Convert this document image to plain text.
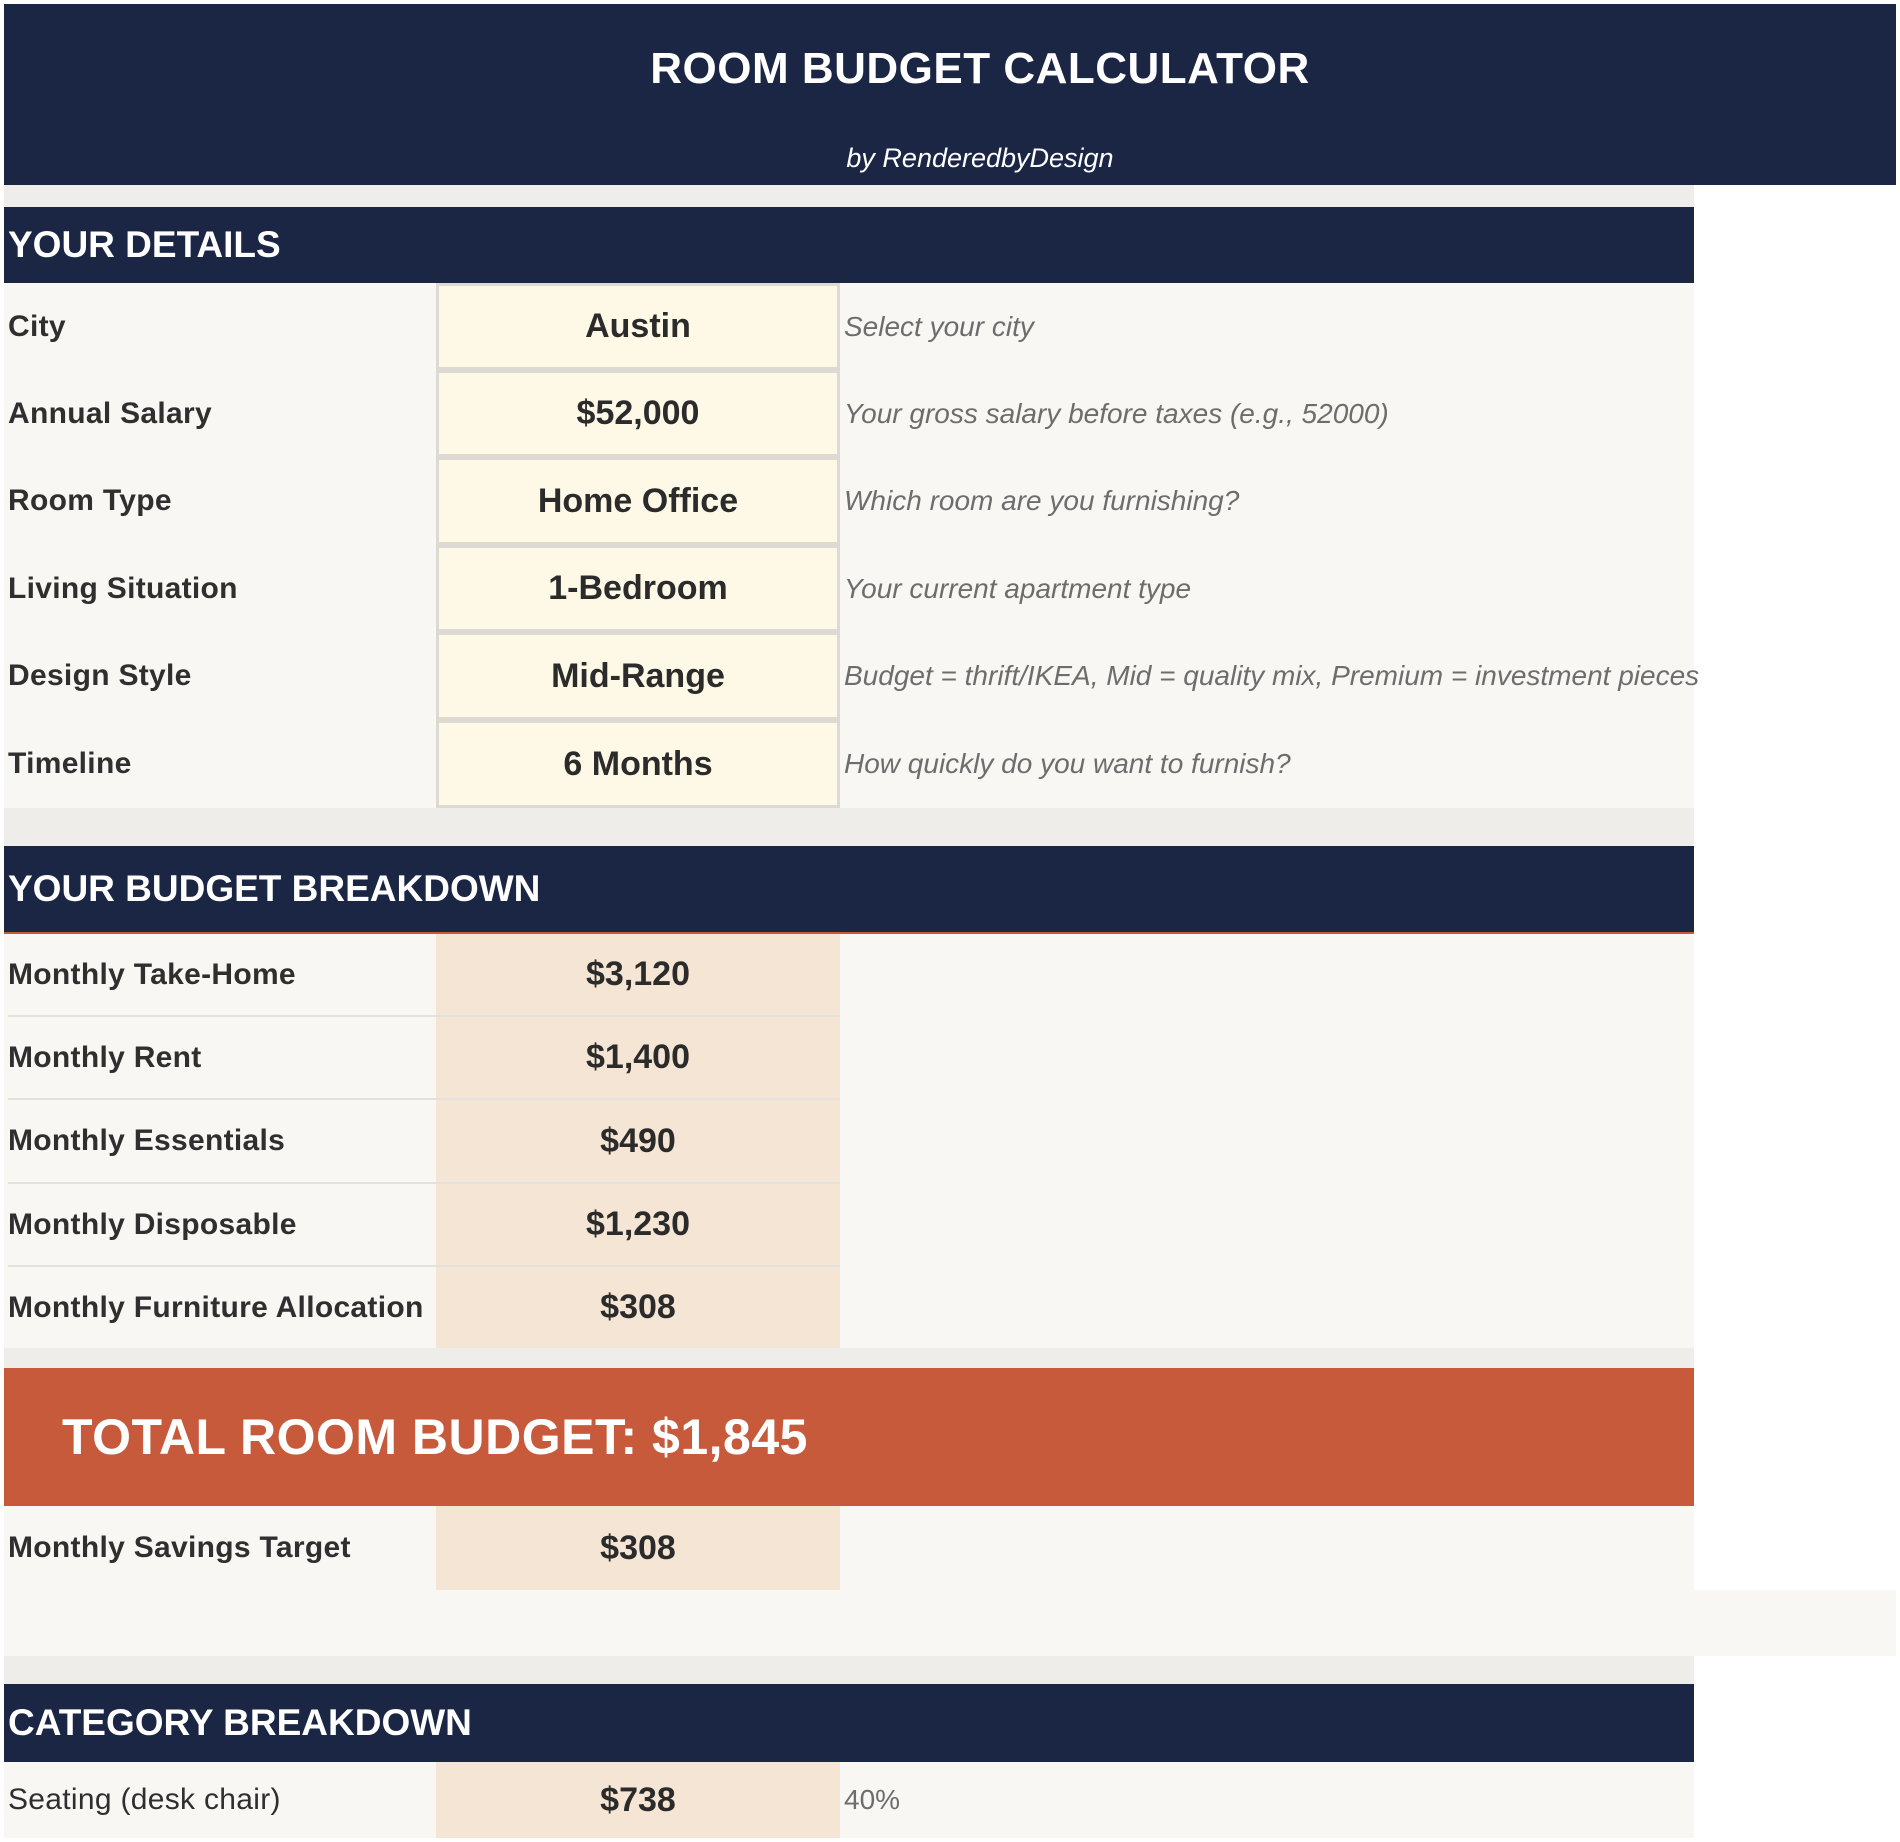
ROOM BUDGET CALCULATOR
by RenderedbyDesign
YOUR DETAILS
City	Austin	Select your city
Annual Salary	$52,000	Your gross salary before taxes (e.g., 52000)
Room Type	Home Office	Which room are you furnishing?
Living Situation	1-Bedroom	Your current apartment type
Design Style	Mid-Range	Budget = thrift/IKEA, Mid = quality mix, Premium = investment pieces
Timeline	6 Months	How quickly do you want to furnish?
YOUR BUDGET BREAKDOWN
Monthly Take-Home	$3,120
Monthly Rent	$1,400
Monthly Essentials	$490
Monthly Disposable	$1,230
Monthly Furniture Allocation	$308
TOTAL ROOM BUDGET: $1,845
Monthly Savings Target	$308
CATEGORY BREAKDOWN
Seating (desk chair)	$738	40%
